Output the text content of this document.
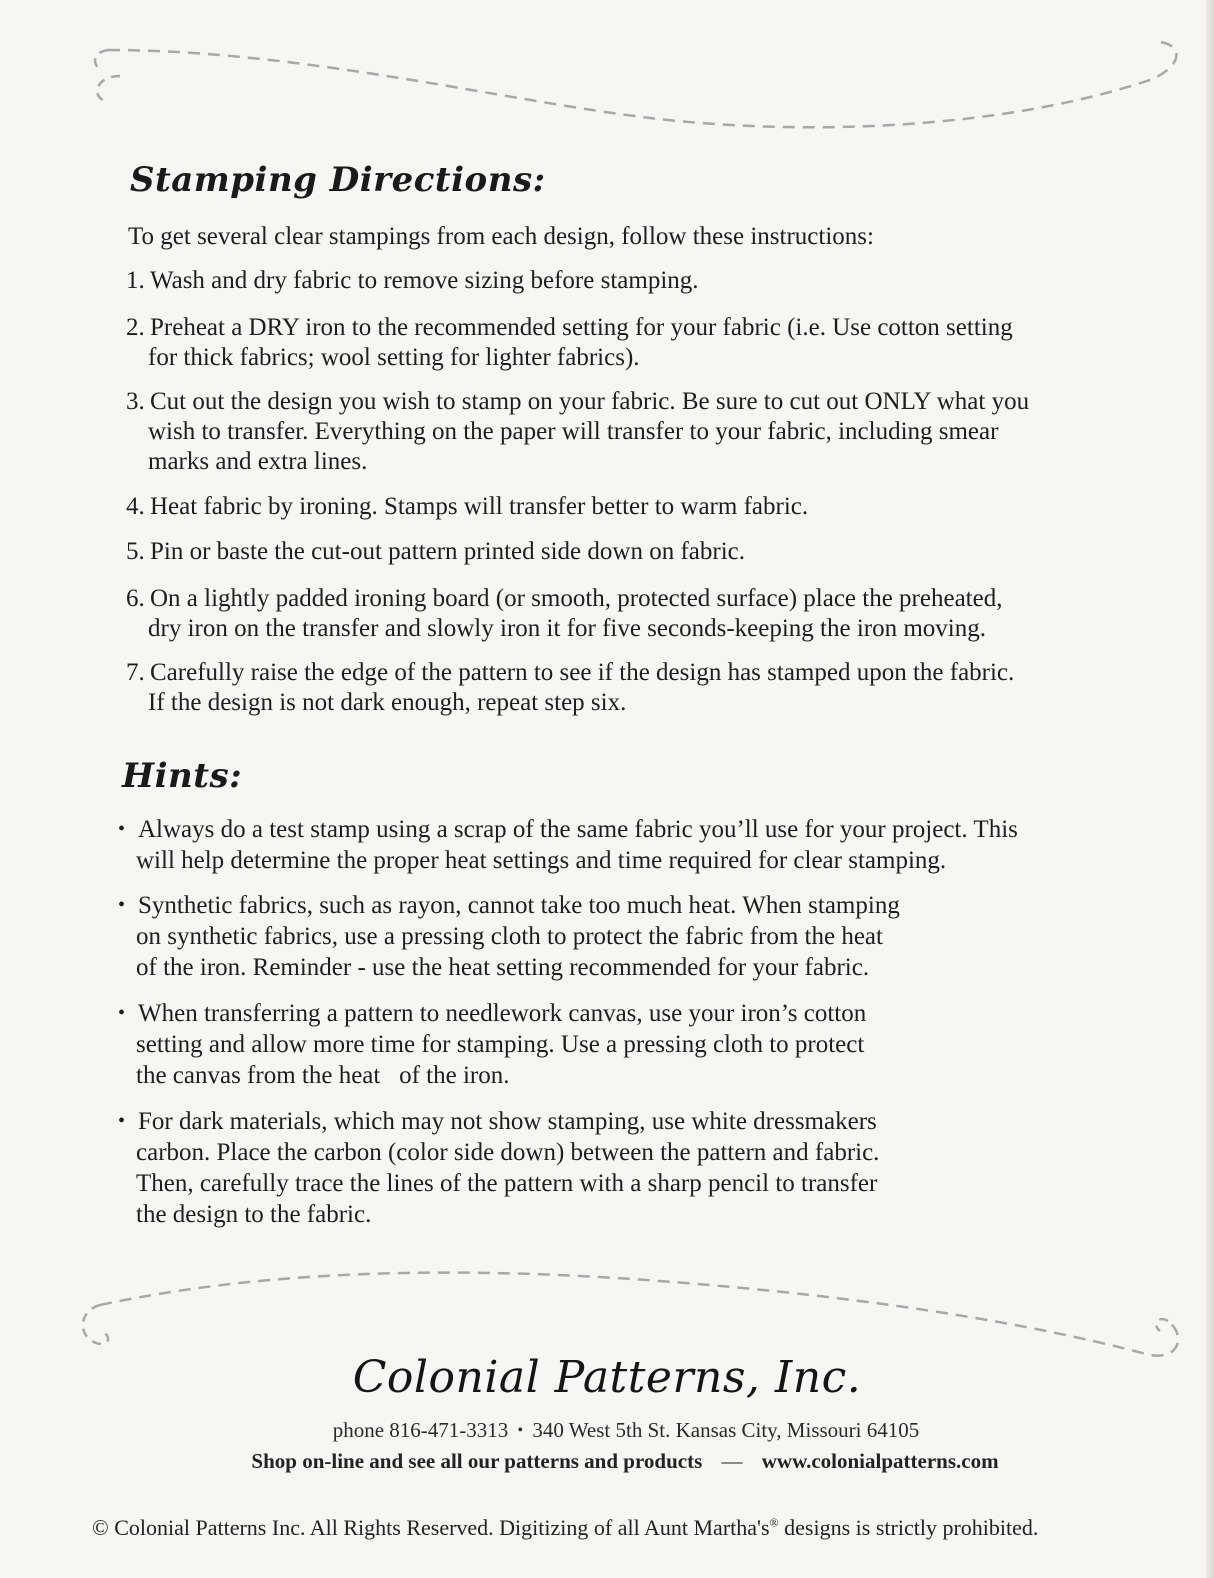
Stamping Directions:
To get several clear stampings from each design, follow these instructions:
1. Wash and dry fabric to remove sizing before stamping.
2. Preheat a DRY iron to the recommended setting for your fabric (i.e. Use cotton setting
for thick fabrics; wool setting for lighter fabrics).
3. Cut out the design you wish to stamp on your fabric. Be sure to cut out ONLY what you
wish to transfer. Everything on the paper will transfer to your fabric, including smear
marks and extra lines.
4. Heat fabric by ironing. Stamps will transfer better to warm fabric.
5. Pin or baste the cut-out pattern printed side down on fabric.
6. On a lightly padded ironing board (or smooth, protected surface) place the preheated,
dry iron on the transfer and slowly iron it for five seconds-keeping the iron moving.
7. Carefully raise the edge of the pattern to see if the design has stamped upon the fabric.
If the design is not dark enough, repeat step six.
Hints:
• Always do a test stamp using a scrap of the same fabric you’ll use for your project. This
will help determine the proper heat settings and time required for clear stamping.
• Synthetic fabrics, such as rayon, cannot take too much heat. When stamping
on synthetic fabrics, use a pressing cloth to protect the fabric from the heat
of the iron. Reminder - use the heat setting recommended for your fabric.
• When transferring a pattern to needlework canvas, use your iron’s cotton
setting and allow more time for stamping. Use a pressing cloth to protect
the canvas from the heat   of the iron.
• For dark materials, which may not show stamping, use white dressmakers
carbon. Place the carbon (color side down) between the pattern and fabric.
Then, carefully trace the lines of the pattern with a sharp pencil to transfer
the design to the fabric.
Colonial Patterns, Inc.
phone 816-471-3313 • 340 West 5th St. Kansas City, Missouri 64105
Shop on-line and see all our patterns and products — www.colonialpatterns.com
© Colonial Patterns Inc. All Rights Reserved. Digitizing of all Aunt Martha's® designs is strictly prohibited.
